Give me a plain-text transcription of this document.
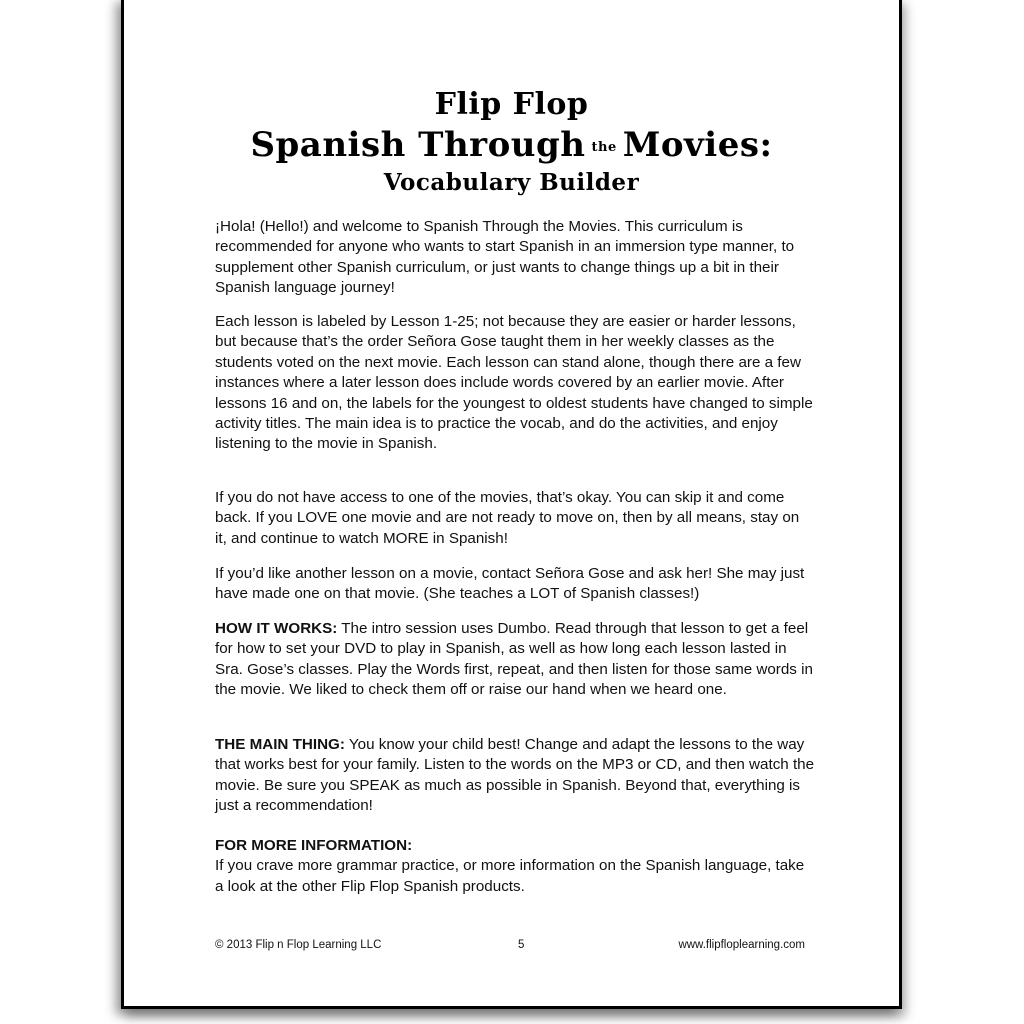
Flip Flop
Spanish Through the Movies:
Vocabulary Builder

¡Hola! (Hello!) and welcome to Spanish Through the Movies. This curriculum is recommended for anyone who wants to start Spanish in an immersion type manner, to supplement other Spanish curriculum, or just wants to change things up a bit in their Spanish language journey!

Each lesson is labeled by Lesson 1-25; not because they are easier or harder lessons, but because that’s the order Señora Gose taught them in her weekly classes as the students voted on the next movie. Each lesson can stand alone, though there are a few instances where a later lesson does include words covered by an earlier movie. After lessons 16 and on, the labels for the youngest to oldest students have changed to simple activity titles. The main idea is to practice the vocab, and do the activities, and enjoy listening to the movie in Spanish.

If you do not have access to one of the movies, that’s okay. You can skip it and come back. If you LOVE one movie and are not ready to move on, then by all means, stay on it, and continue to watch MORE in Spanish!

If you’d like another lesson on a movie, contact Señora Gose and ask her! She may just have made one on that movie. (She teaches a LOT of Spanish classes!)

HOW IT WORKS: The intro session uses Dumbo. Read through that lesson to get a feel for how to set your DVD to play in Spanish, as well as how long each lesson lasted in Sra. Gose’s classes. Play the Words first, repeat, and then listen for those same words in the movie. We liked to check them off or raise our hand when we heard one.

THE MAIN THING: You know your child best! Change and adapt the lessons to the way that works best for your family. Listen to the words on the MP3 or CD, and then watch the movie. Be sure you SPEAK as much as possible in Spanish. Beyond that, everything is just a recommendation!

FOR MORE INFORMATION:

If you crave more grammar practice, or more information on the Spanish language, take a look at the other Flip Flop Spanish products.

© 2013 Flip n Flop Learning LLC	5	www.flipfloplearning.com
